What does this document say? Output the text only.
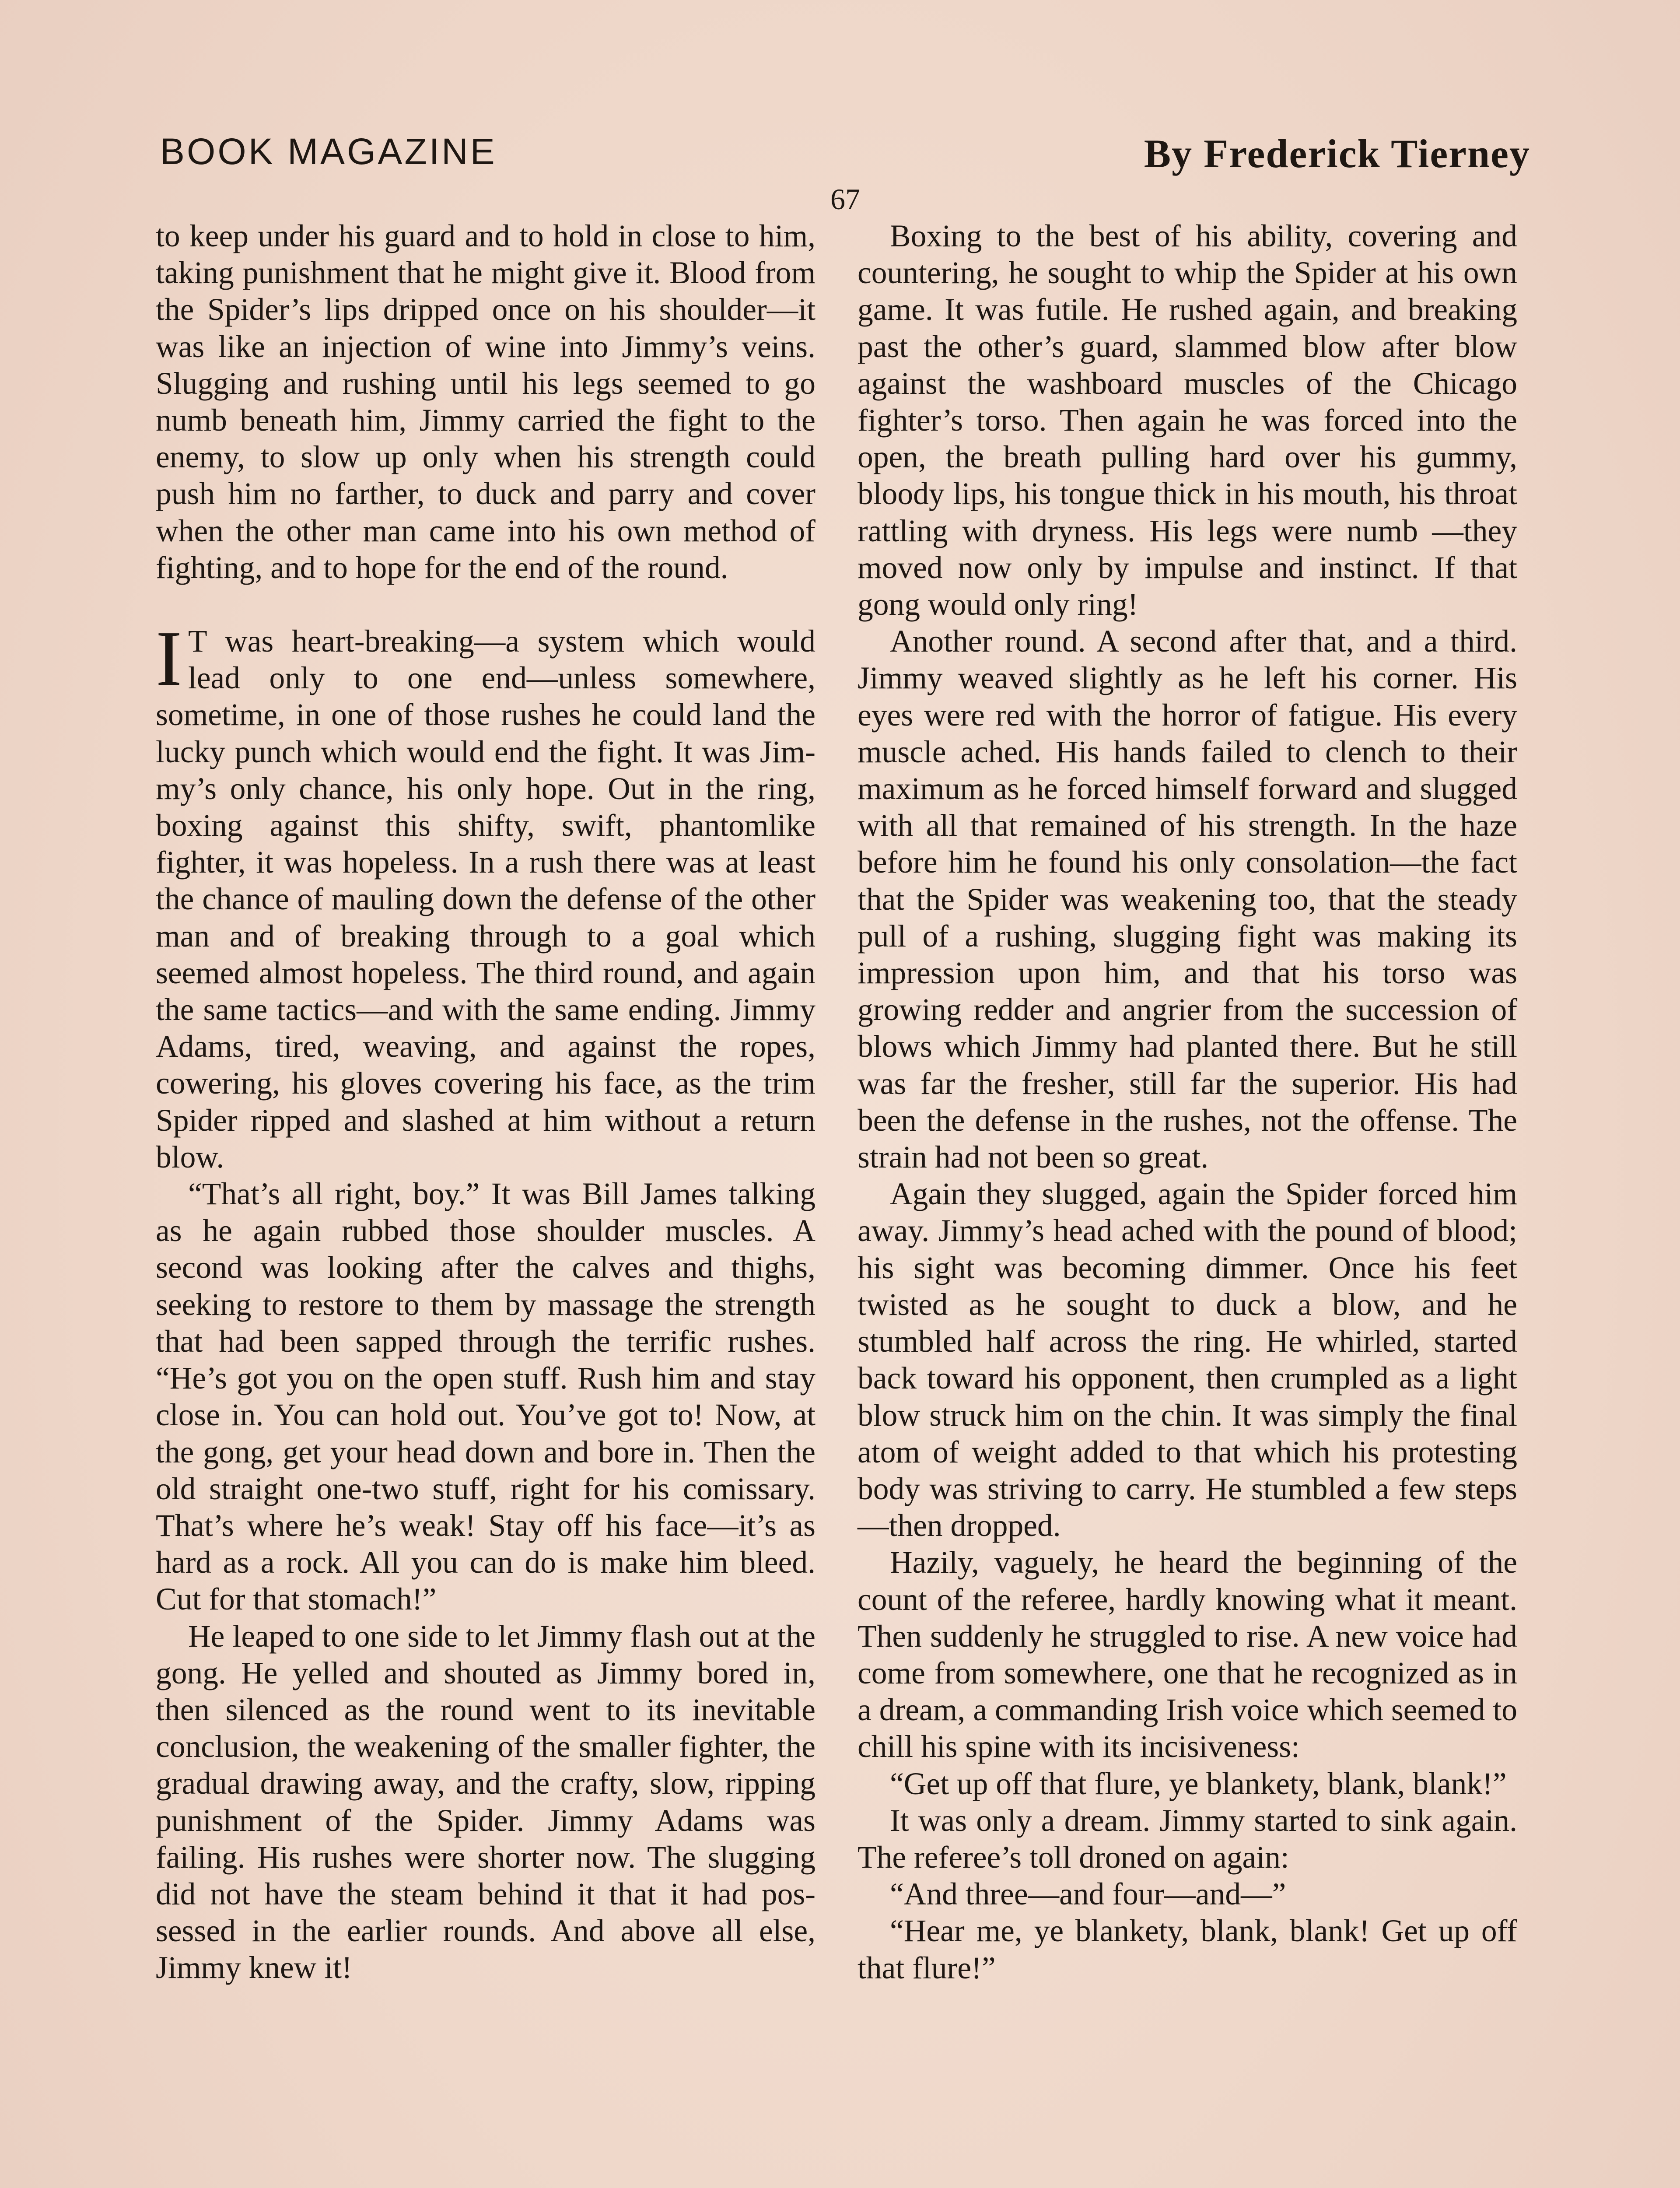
BOOK MAGAZINE	By Frederick Tierney
67

to keep under his guard and to hold in close to him, taking punishment that he might give it. Blood from the Spider’s lips dripped once on his shoulder—it was like an injection of wine into Jimmy’s veins. Slugging and rushing until his legs seemed to go numb beneath him, Jimmy carried the fight to the enemy, to slow up only when his strength could push him no farther, to duck and parry and cover when the other man came into his own method of fighting, and to hope for the end of the round.

I T was heart-breaking—a system which would lead only to one end—unless somewhere, sometime, in one of those rushes he could land the lucky punch which would end the fight. It was Jimmy’s only chance, his only hope. Out in the ring, boxing against this shifty, swift, phantomlike fighter, it was hopeless. In a rush there was at least the chance of mauling down the defense of the other man and of breaking through to a goal which seemed almost hopeless. The third round, and again the same tactics—and with the same ending. Jimmy Adams, tired, weaving, and against the ropes, cowering, his gloves covering his face, as the trim Spider ripped and slashed at him without a return blow.

“That’s all right, boy.” It was Bill James talking as he again rubbed those shoulder muscles. A second was looking after the calves and thighs, seeking to restore to them by massage the strength that had been sapped through the terrific rushes. “He’s got you on the open stuff. Rush him and stay close in. You can hold out. You’ve got to! Now, at the gong, get your head down and bore in. Then the old straight one-two stuff, right for his comissary. That’s where he’s weak! Stay off his face—it’s as hard as a rock. All you can do is make him bleed. Cut for that stomach!”

He leaped to one side to let Jimmy flash out at the gong. He yelled and shouted as Jimmy bored in, then silenced as the round went to its inevitable conclusion, the weakening of the smaller fighter, the gradual drawing away, and the crafty, slow, ripping punishment of the Spider. Jimmy Adams was failing. His rushes were shorter now. The slugging did not have the steam behind it that it had possessed in the earlier rounds. And above all else, Jimmy knew it!

Boxing to the best of his ability, covering and countering, he sought to whip the Spider at his own game. It was futile. He rushed again, and breaking past the other’s guard, slammed blow after blow against the washboard muscles of the Chicago fighter’s torso. Then again he was forced into the open, the breath pulling hard over his gummy, bloody lips, his tongue thick in his mouth, his throat rattling with dryness. His legs were numb —they moved now only by impulse and instinct. If that gong would only ring!

Another round. A second after that, and a third. Jimmy weaved slightly as he left his corner. His eyes were red with the horror of fatigue. His every muscle ached. His hands failed to clench to their maximum as he forced himself forward and slugged with all that remained of his strength. In the haze before him he found his only consolation—the fact that the Spider was weakening too, that the steady pull of a rushing, slugging fight was making its impression upon him, and that his torso was growing redder and angrier from the succession of blows which Jimmy had planted there. But he still was far the fresher, still far the superior. His had been the defense in the rushes, not the offense. The strain had not been so great.

Again they slugged, again the Spider forced him away. Jimmy’s head ached with the pound of blood; his sight was becoming dimmer. Once his feet twisted as he sought to duck a blow, and he stumbled half across the ring. He whirled, started back toward his opponent, then crumpled as a light blow struck him on the chin. It was simply the final atom of weight added to that which his protesting body was striving to carry. He stumbled a few steps—then dropped.

Hazily, vaguely, he heard the beginning of the count of the referee, hardly knowing what it meant. Then suddenly he struggled to rise. A new voice had come from somewhere, one that he recognized as in a dream, a commanding Irish voice which seemed to chill his spine with its incisiveness:

“Get up off that flure, ye blankety, blank, blank!”

It was only a dream. Jimmy started to sink again. The referee’s toll droned on again:

“And three—and four—and—”

“Hear me, ye blankety, blank, blank! Get up off that flure!”
